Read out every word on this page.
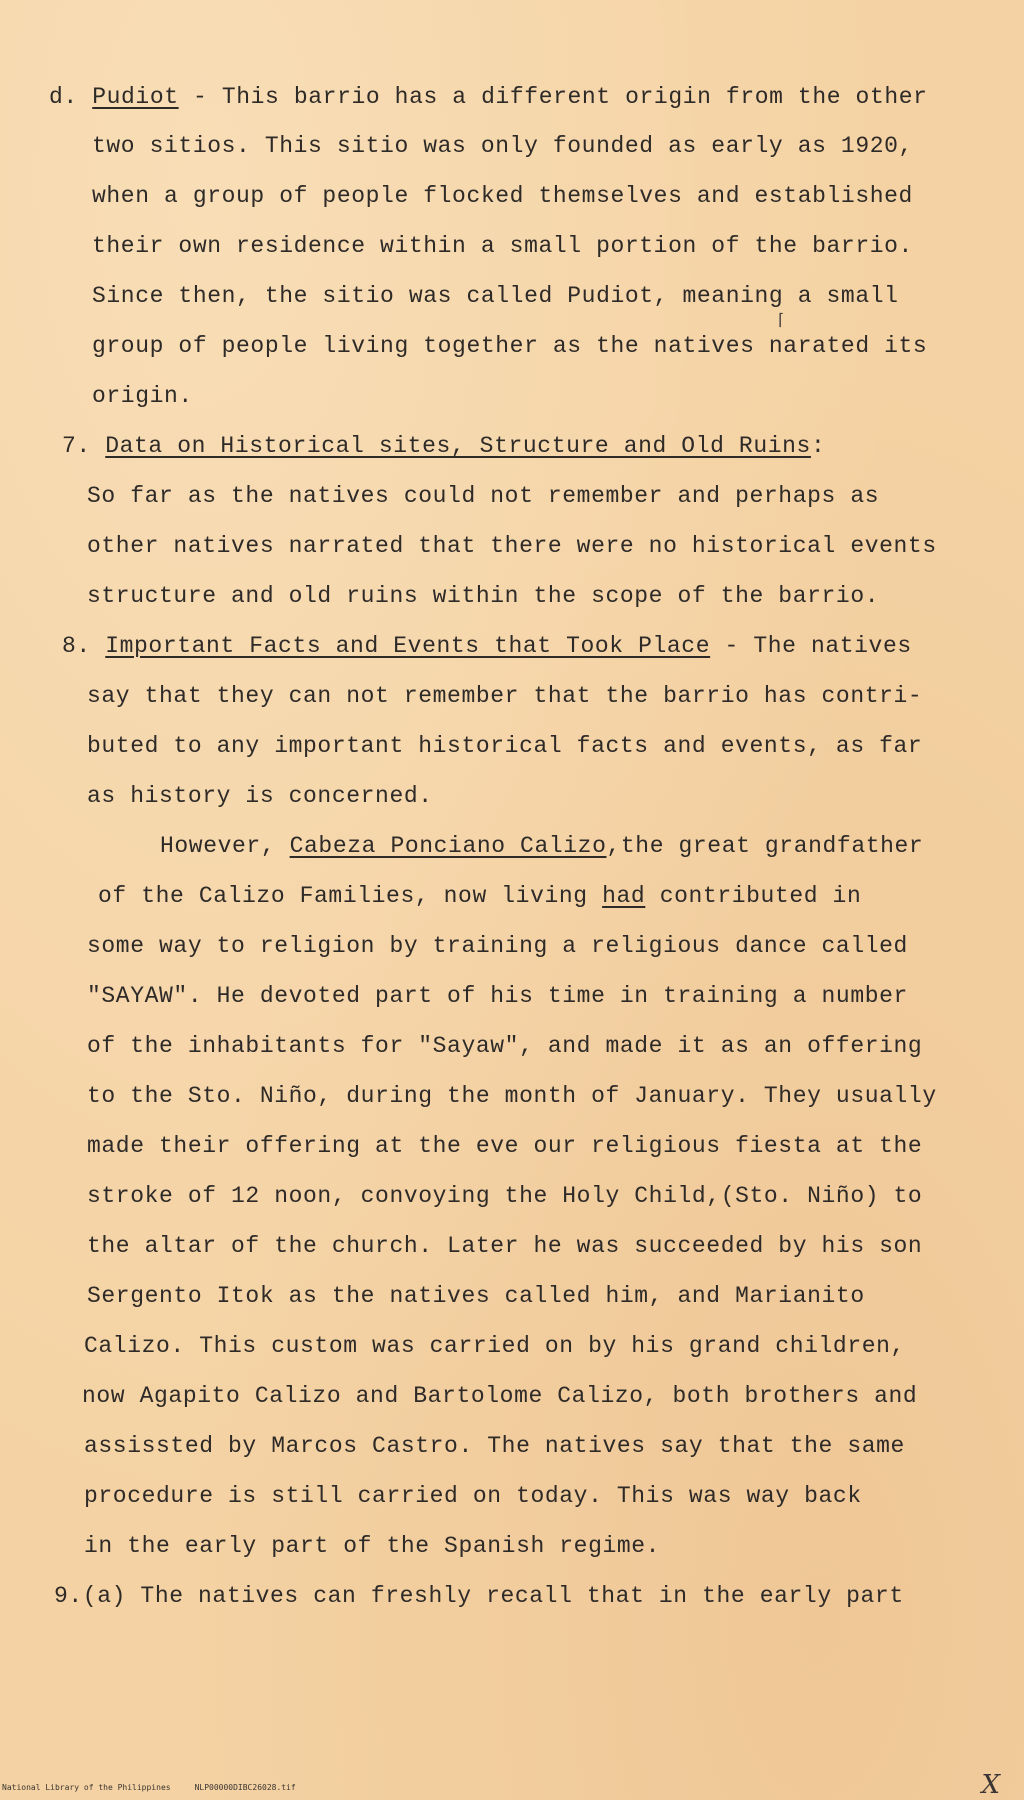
d. Pudiot - This barrio has a different origin from the other
two sitios. This sitio was only founded as early as 1920,
when a group of people flocked themselves and established
their own residence within a small portion of the barrio.
Since then, the sitio was called Pudiot, meaning a small
group of people living together as the natives narated its
origin.
7. Data on Historical sites, Structure and Old Ruins:
So far as the natives could not remember and perhaps as
other natives narrated that there were no historical events
structure and old ruins within the scope of the barrio.
8. Important Facts and Events that Took Place - The natives
say that they can not remember that the barrio has contri-
buted to any important historical facts and events, as far
as history is concerned.
However, Cabeza Ponciano Calizo,the great grandfather
of the Calizo Families, now living had contributed in
some way to religion by training a religious dance called
"SAYAW". He devoted part of his time in training a number
of the inhabitants for "Sayaw", and made it as an offering
to the Sto. Niño, during the month of January. They usually
made their offering at the eve our religious fiesta at the
stroke of 12 noon, convoying the Holy Child,(Sto. Niño) to
the altar of the church. Later he was succeeded by his son
Sergento Itok as the natives called him, and Marianito
Calizo. This custom was carried on by his grand children,
now Agapito Calizo and Bartolome Calizo, both brothers and
assissted by Marcos Castro. The natives say that the same
procedure is still carried on today. This was way back
in the early part of the Spanish regime.
9.(a) The natives can freshly recall that in the early part
⌈
National Library of the Philippines	NLP00000DIBC26028.tif	X
